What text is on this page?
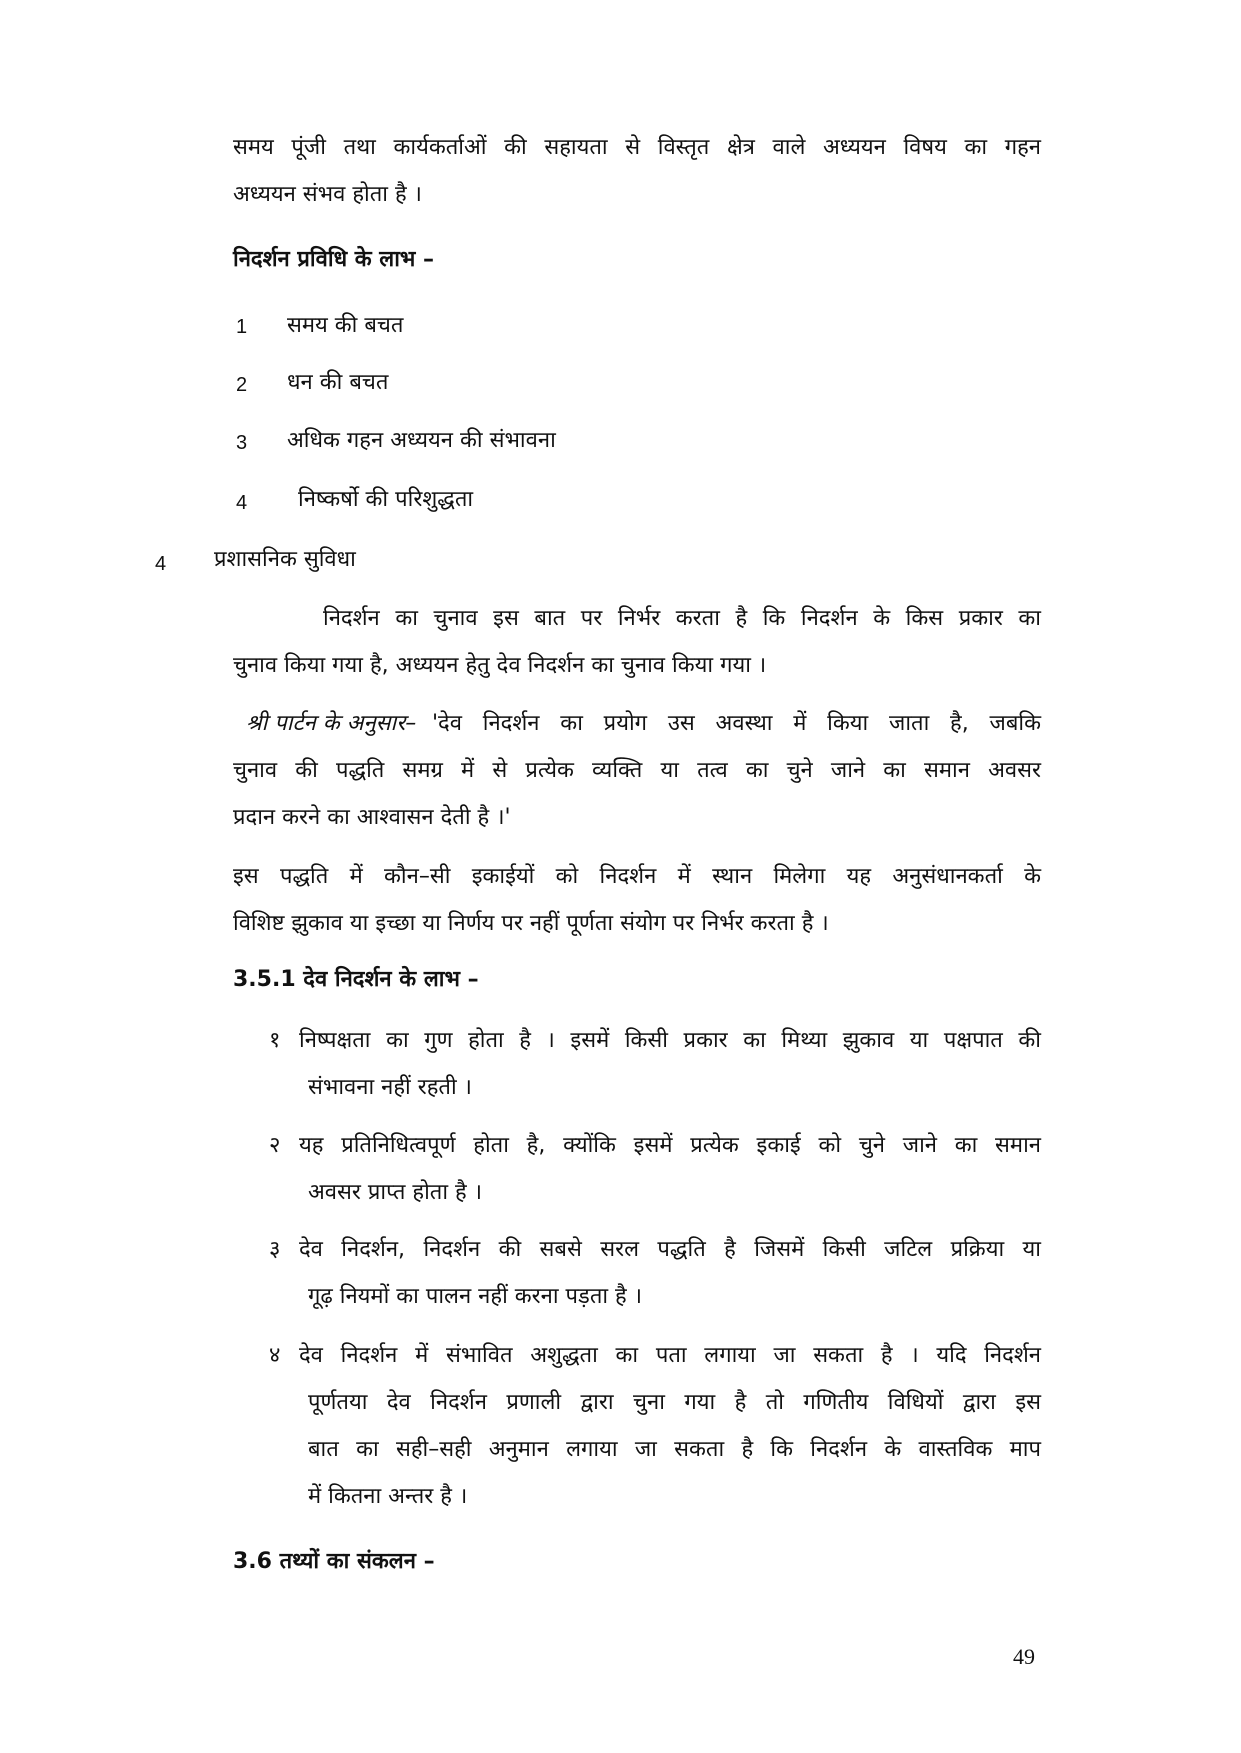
समय पूंजी तथा कार्यकर्ताओं की सहायता से विस्तृत क्षेत्र वाले अध्ययन विषय का गहन
अध्ययन संभव होता है ।
निदर्शन प्रविधि के लाभ –
1 समय की बचत
2 धन की बचत
3 अधिक गहन अध्ययन की संभावना
4 निष्कर्षो की परिशुद्धता
4 प्रशासनिक सुविधा
निदर्शन का चुनाव इस बात पर निर्भर करता है कि निदर्शन के किस प्रकार का
चुनाव किया गया है, अध्ययन हेतु देव निदर्शन का चुनाव किया गया ।
श्री पार्टन के अनुसार– 'देव निदर्शन का प्रयोग उस अवस्था में किया जाता है, जबकि
चुनाव की पद्धति समग्र में से प्रत्येक व्यक्ति या तत्व का चुने जाने का समान अवसर
प्रदान करने का आश्वासन देती है ।'
इस पद्धति में कौन–सी इकाईयों को निदर्शन में स्थान मिलेगा यह अनुसंधानकर्ता के
विशिष्ट झुकाव या इच्छा या निर्णय पर नहीं पूर्णता संयोग पर निर्भर करता है ।
3.5.1 देव निदर्शन के लाभ –
१ निष्पक्षता का गुण होता है । इसमें किसी प्रकार का मिथ्या झुकाव या पक्षपात की
संभावना नहीं रहती ।
२ यह प्रतिनिधित्वपूर्ण होता है, क्योंकि इसमें प्रत्येक इकाई को चुने जाने का समान
अवसर प्राप्त होता है ।
३ देव निदर्शन, निदर्शन की सबसे सरल पद्धति है जिसमें किसी जटिल प्रक्रिया या
गूढ़ नियमों का पालन नहीं करना पड़ता है ।
४ देव निदर्शन में संभावित अशुद्धता का पता लगाया जा सकता है । यदि निदर्शन
पूर्णतया देव निदर्शन प्रणाली द्वारा चुना गया है तो गणितीय विधियों द्वारा इस
बात का सही–सही अनुमान लगाया जा सकता है कि निदर्शन के वास्तविक माप
में कितना अन्तर है ।
3.6 तथ्यों का संकलन –
49
